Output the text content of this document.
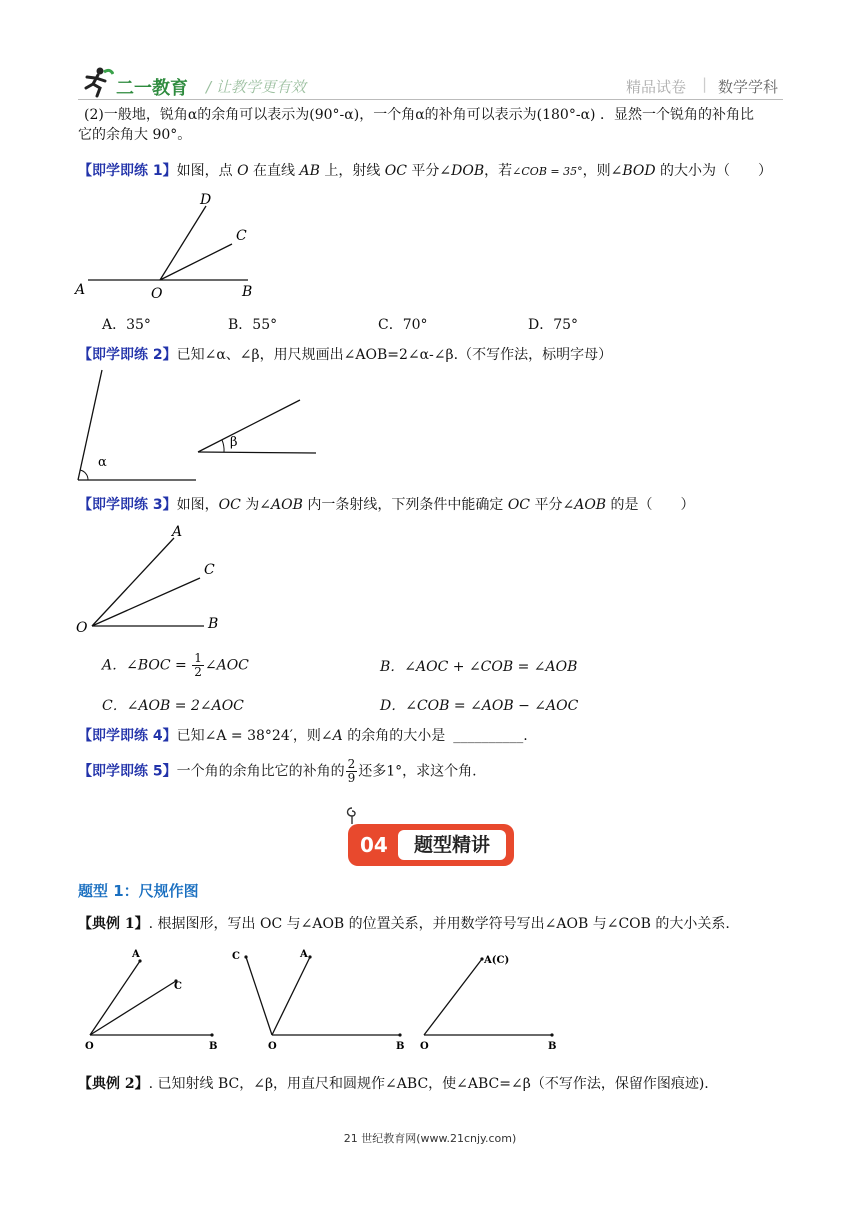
二一教育 / 让教学更有效	精品试卷 | 数学学科
(2)一般地，锐角α的余角可以表示为(90°-α)，一个角α的补角可以表示为(180°-α) ．显然一个锐角的补角比
它的余角大 90°。
【即学即练 1】如图，点 O 在直线 AB 上，射线 OC 平分∠DOB，若∠COB = 35°，则∠BOD 的大小为（　　）
A	O	B
C
D
A．35°	B．55°	C．70°	D．75°
【即学即练 2】已知∠α、∠β，用尺规画出∠AOB=2∠α-∠β.（不写作法，标明字母）
α
β
【即学即练 3】如图，OC 为∠AOB 内一条射线，下列条件中能确定 OC 平分∠AOB 的是（　　）
A
C
O	B
A．∠BOC = $\frac{1}{2}$ ∠AOC	B．∠AOC + ∠COB = ∠AOB
C．∠AOB = 2∠AOC	D．∠COB = ∠AOB − ∠AOC
【即学即练 4】已知∠A = 38°24′，则∠A 的余角的大小是 __________.
【即学即练 5】一个角的余角比它的补角的 $\frac{2}{9}$ 还多1°，求这个角.
04	题型精讲
题型 1：尺规作图
【典例 1】. 根据图形，写出 OC 与∠AOB 的位置关系，并用数学符号写出∠AOB 与∠COB 的大小关系.
A
C
O	B
C	A
O	B
A(C)
O	B
【典例 2】. 已知射线 BC，∠β，用直尺和圆规作∠ABC，使∠ABC=∠β（不写作法，保留作图痕迹).
21 世纪教育网(www.21cnjy.com)
